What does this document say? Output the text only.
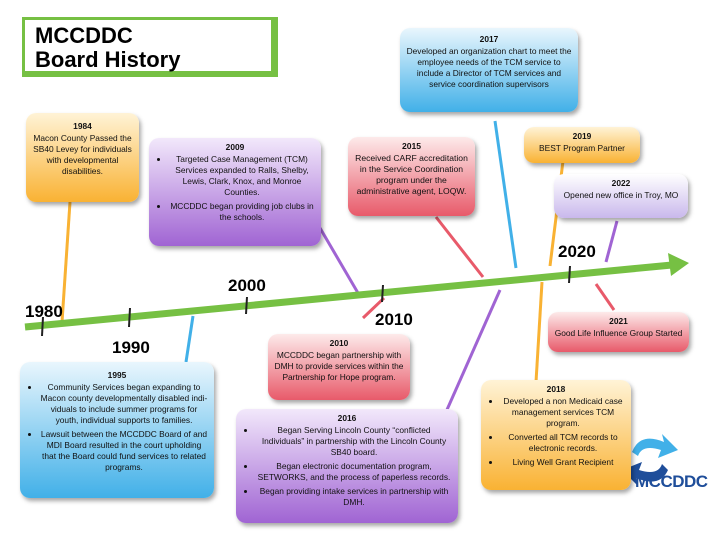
MCCDDC
Board History
1980
1990
2000
2010
2020
1984
Macon County Passed the SB40 Levey for individuals with developmental disabilities.
2009
• Targeted Case Management (TCM) Services expanded to Ralls, Shelby, Lewis, Clark, Knox, and Monroe Counties.
• MCCDDC began providing job clubs in the schools.
2015
Received CARF accreditation in the Service Coordination program under the administrative agent, LOQW.
2017
Developed an organization chart to meet the employee needs of the TCM service to include a Director of TCM services and service coordination supervisors
2019
BEST Program Partner
2022
Opened new office in Troy, MO
2021
Good Life Influence Group Started
2010
MCCDDC began partnership with DMH to provide services within the Partnership for Hope program.
1995
• Community Services began expanding to Macon county developmentally disabled indi-viduals to include summer programs for youth, individual supports to families.
• Lawsuit between the MCCDDC Board of and MDI Board resulted in the court upholding that the Board could fund services to related programs.
2016
• Began Serving Lincoln County “conflicted Individuals” in partnership with the Lincoln County SB40 board.
• Began electronic documentation program, SETWORKS, and the process of paperless records.
• Began providing intake services in partnership with DMH.
2018
• Developed a non Medicaid case management services TCM program.
• Converted all TCM records to electronic records.
• Living Well Grant Recipient
MCCDDC
